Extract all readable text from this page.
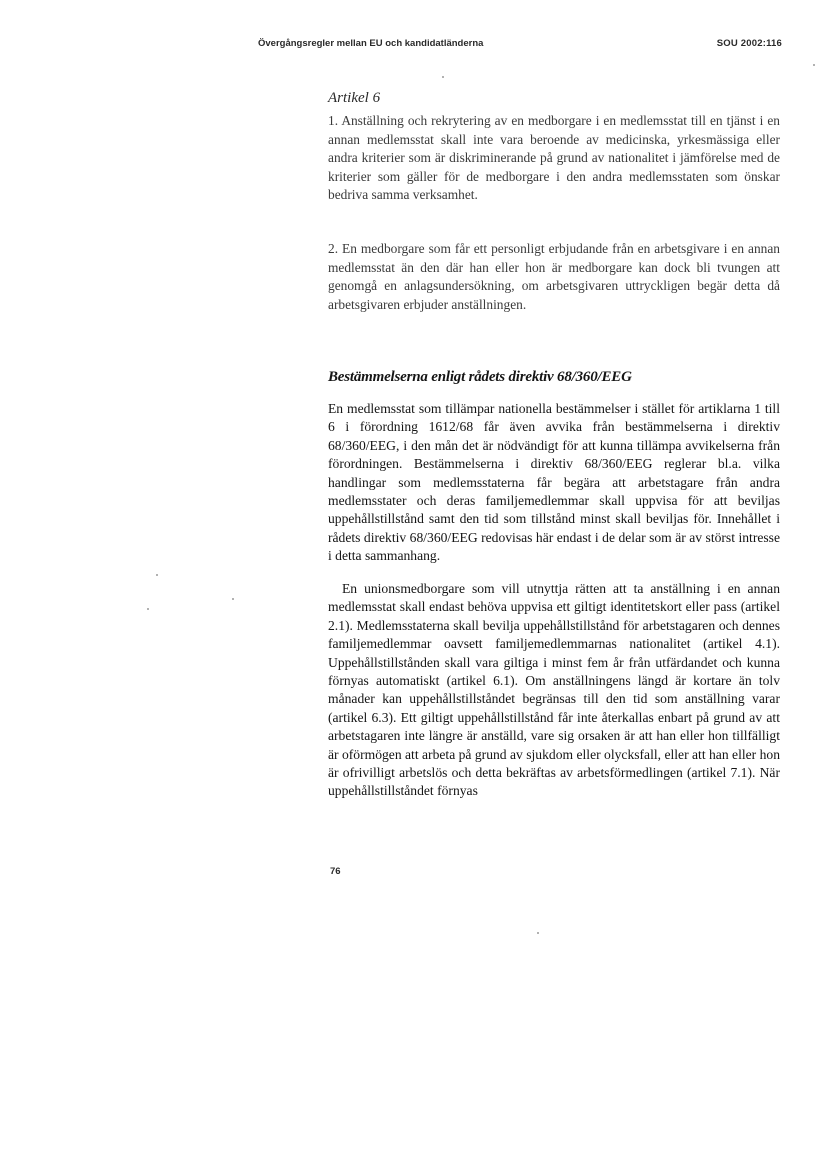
Övergångsregler mellan EU och kandidatländerna	SOU 2002:116
Artikel 6

1. Anställning och rekrytering av en medborgare i en medlemsstat till en tjänst i en annan medlemsstat skall inte vara beroende av medicinska, yrkesmässiga eller andra kriterier som är diskriminerande på grund av nationalitet i jämförelse med de kriterier som gäller för de medborgare i den andra medlemsstaten som önskar bedriva samma verksamhet.

2. En medborgare som får ett personligt erbjudande från en arbetsgivare i en annan medlemsstat än den där han eller hon är medborgare kan dock bli tvungen att genomgå en anlagsundersökning, om arbetsgivaren uttryckligen begär detta då arbetsgivaren erbjuder anställningen.

Bestämmelserna enligt rådets direktiv 68/360/EEG

En medlemsstat som tillämpar nationella bestämmelser i stället för artiklarna 1 till 6 i förordning 1612/68 får även avvika från bestämmelserna i direktiv 68/360/EEG, i den mån det är nödvändigt för att kunna tillämpa avvikelserna från förordningen. Bestämmelserna i direktiv 68/360/EEG reglerar bl.a. vilka handlingar som medlemsstaterna får begära att arbetstagare från andra medlemsstater och deras familjemedlemmar skall uppvisa för att beviljas uppehållstillstånd samt den tid som tillstånd minst skall beviljas för. Innehållet i rådets direktiv 68/360/EEG redovisas här endast i de delar som är av störst intresse i detta sammanhang.

En unionsmedborgare som vill utnyttja rätten att ta anställning i en annan medlemsstat skall endast behöva uppvisa ett giltigt identitetskort eller pass (artikel 2.1). Medlemsstaterna skall bevilja uppehållstillstånd för arbetstagaren och dennes familjemedlemmar oavsett familjemedlemmarnas nationalitet (artikel 4.1). Uppehållstillstånden skall vara giltiga i minst fem år från utfärdandet och kunna förnyas automatiskt (artikel 6.1). Om anställningens längd är kortare än tolv månader kan uppehållstillståndet begränsas till den tid som anställning varar (artikel 6.3). Ett giltigt uppehållstillstånd får inte återkallas enbart på grund av att arbetstagaren inte längre är anställd, vare sig orsaken är att han eller hon tillfälligt är oförmögen att arbeta på grund av sjukdom eller olycksfall, eller att han eller hon är ofrivilligt arbetslös och detta bekräftas av arbetsförmedlingen (artikel 7.1). När uppehållstillståndet förnyas

76
